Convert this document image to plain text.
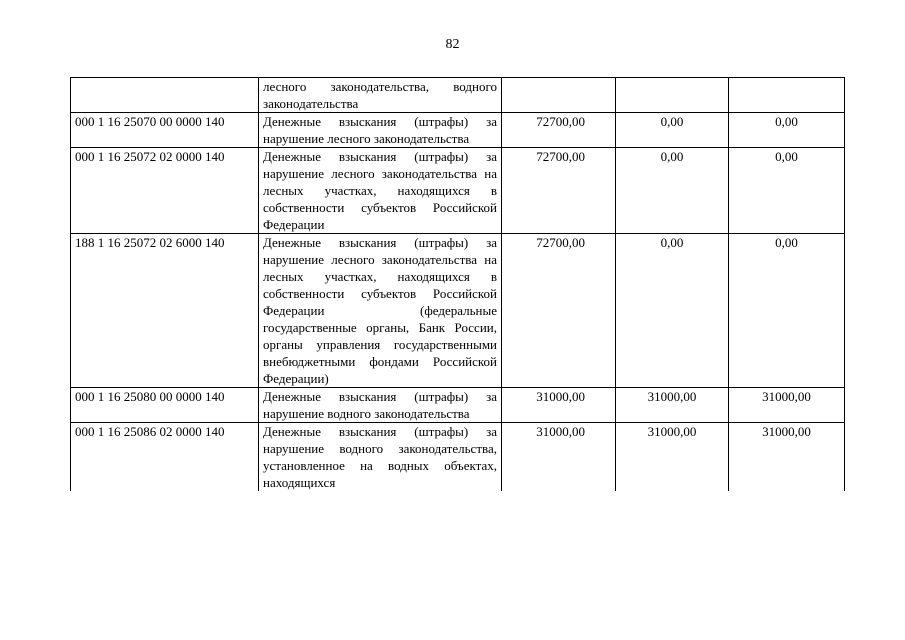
82
	лесного законодательства, водного законодательства			
000 1 16 25070 00 0000 140	Денежные взыскания (штрафы) за нарушение лесного законодательства	72700,00	0,00	0,00
000 1 16 25072 02 0000 140	Денежные взыскания (штрафы) за нарушение лесного законодательства на лесных участках, находящихся в собственности субъектов Российской Федерации	72700,00	0,00	0,00
188 1 16 25072 02 6000 140	Денежные взыскания (штрафы) за нарушение лесного законодательства на лесных участках, находящихся в собственности субъектов Российской Федерации (федеральные государственные органы, Банк России, органы управления государственными внебюджетными фондами Российской Федерации)	72700,00	0,00	0,00
000 1 16 25080 00 0000 140	Денежные взыскания (штрафы) за нарушение водного законодательства	31000,00	31000,00	31000,00
000 1 16 25086 02 0000 140	Денежные взыскания (штрафы) за нарушение водного законодательства, установленное на водных объектах, находящихся	31000,00	31000,00	31000,00
